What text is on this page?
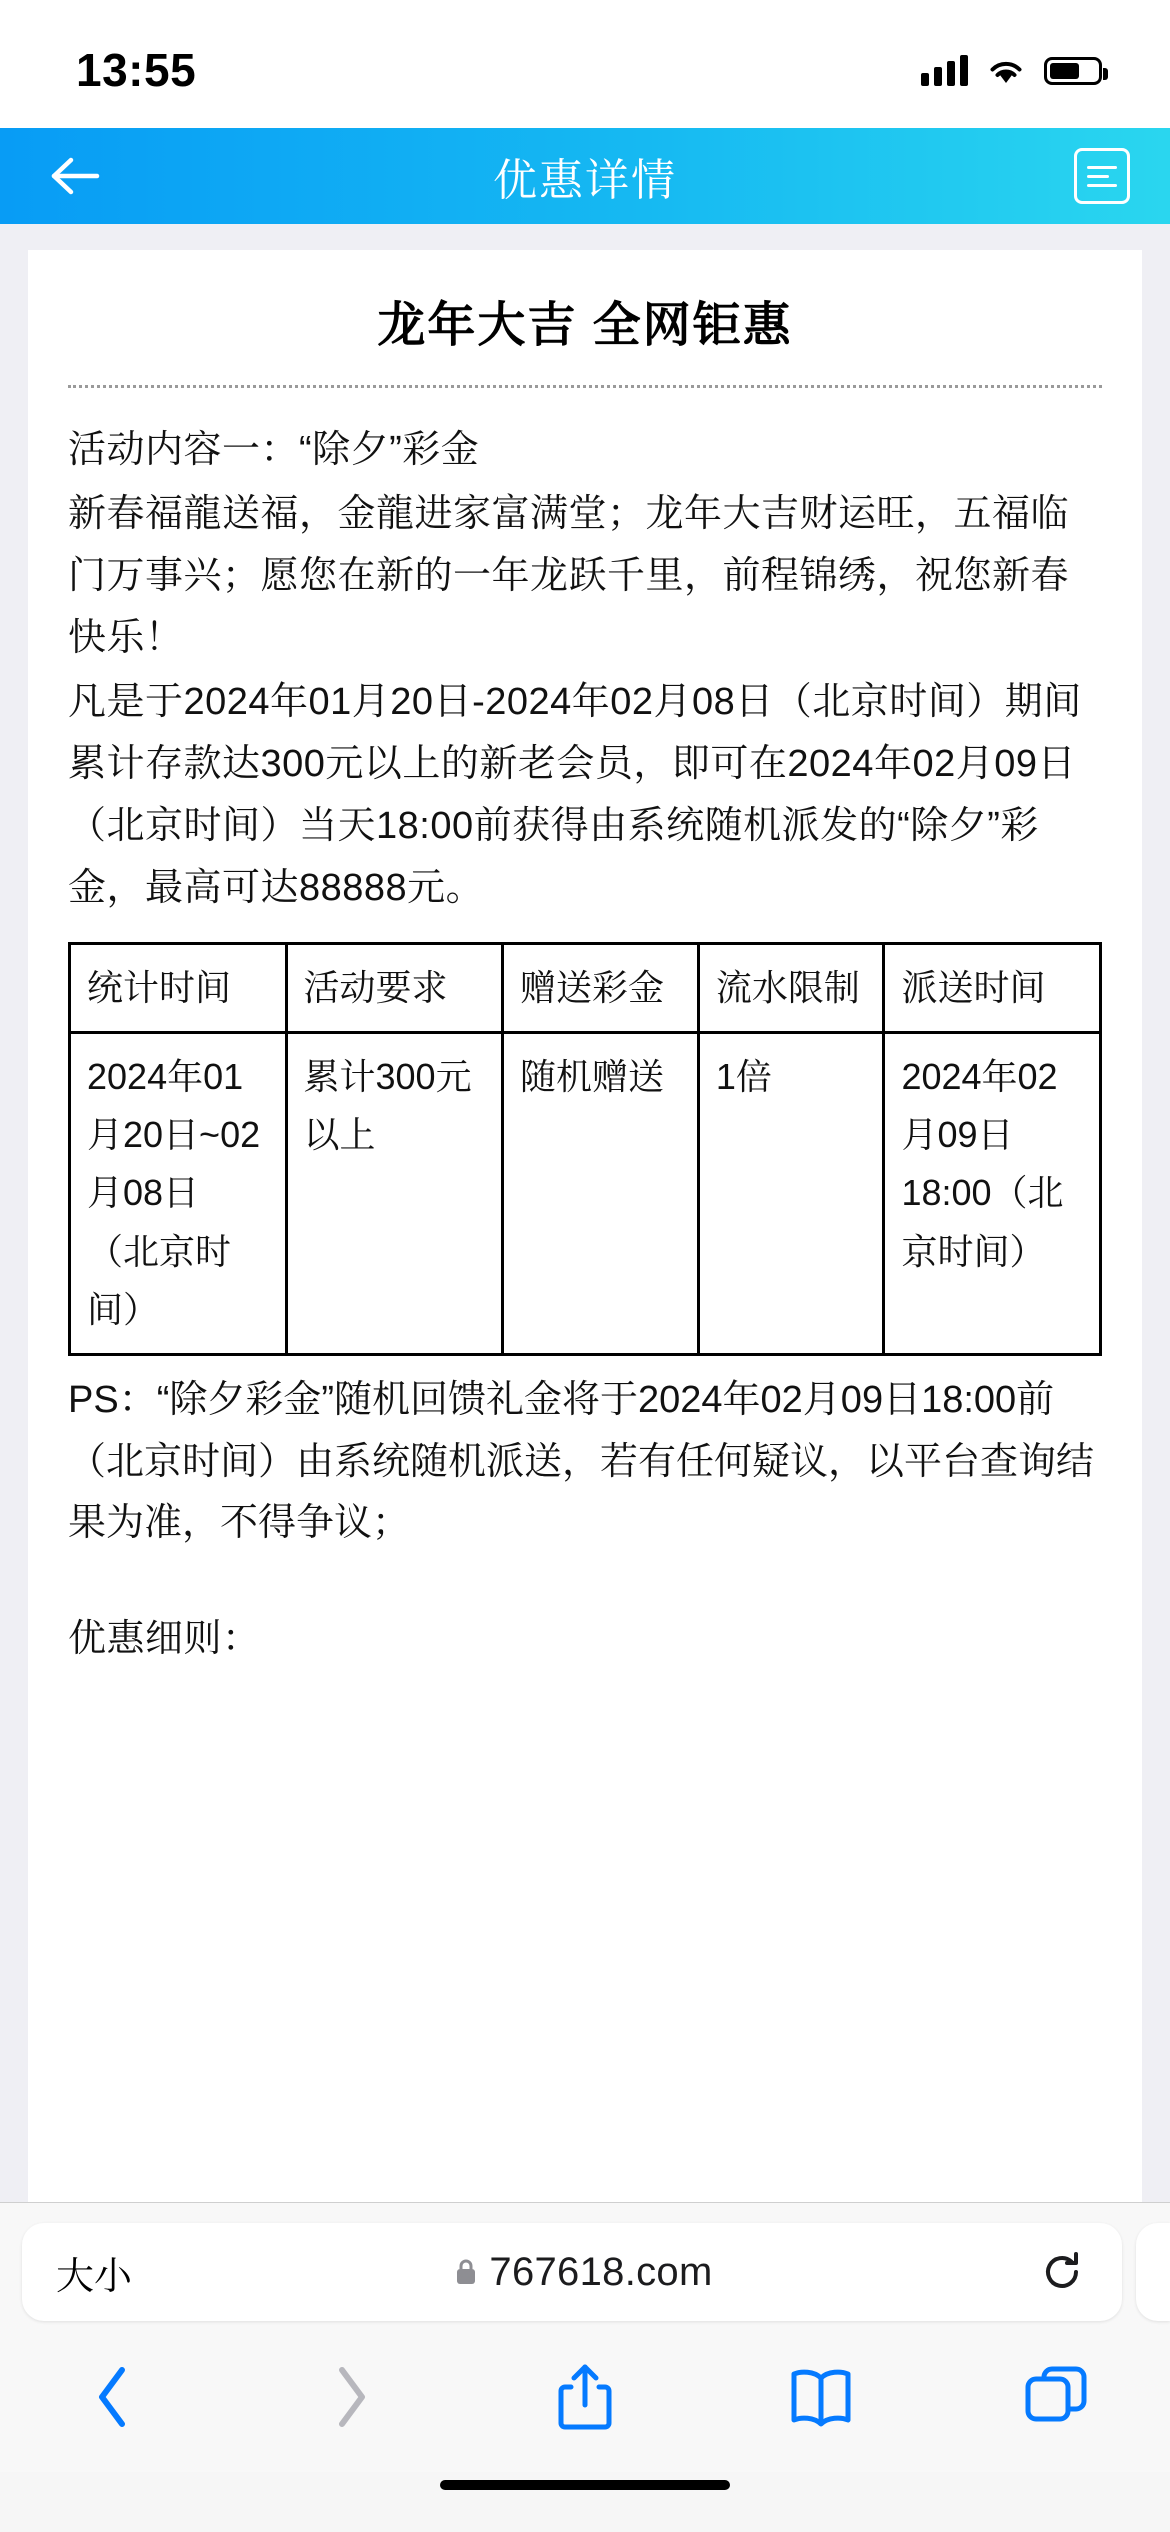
13:55
优惠详情
龙年大吉 全网钜惠
活动内容一：“除夕”彩金
新春福龍送福，金龍进家富满堂；龙年大吉财运旺，五福临门万事兴；愿您在新的一年龙跃千里，前程锦绣，祝您新春快乐！
凡是于2024年01月20日-2024年02月08日（北京时间）期间累计存款达300元以上的新老会员，即可在2024年02月09日（北京时间）当天18:00前获得由系统随机派发的“除夕”彩金，最高可达88888元。
统计时间	活动要求	赠送彩金	流水限制	派送时间
2024年01月20日~02月08日（北京时间）	累计300元以上	随机赠送	1倍	2024年02月09日 18:00（北京时间）
PS：“除夕彩金”随机回馈礼金将于2024年02月09日18:00前（北京时间）由系统随机派送，若有任何疑议，以平台查询结果为准，不得争议；
优惠细则：
大小	767618.com
